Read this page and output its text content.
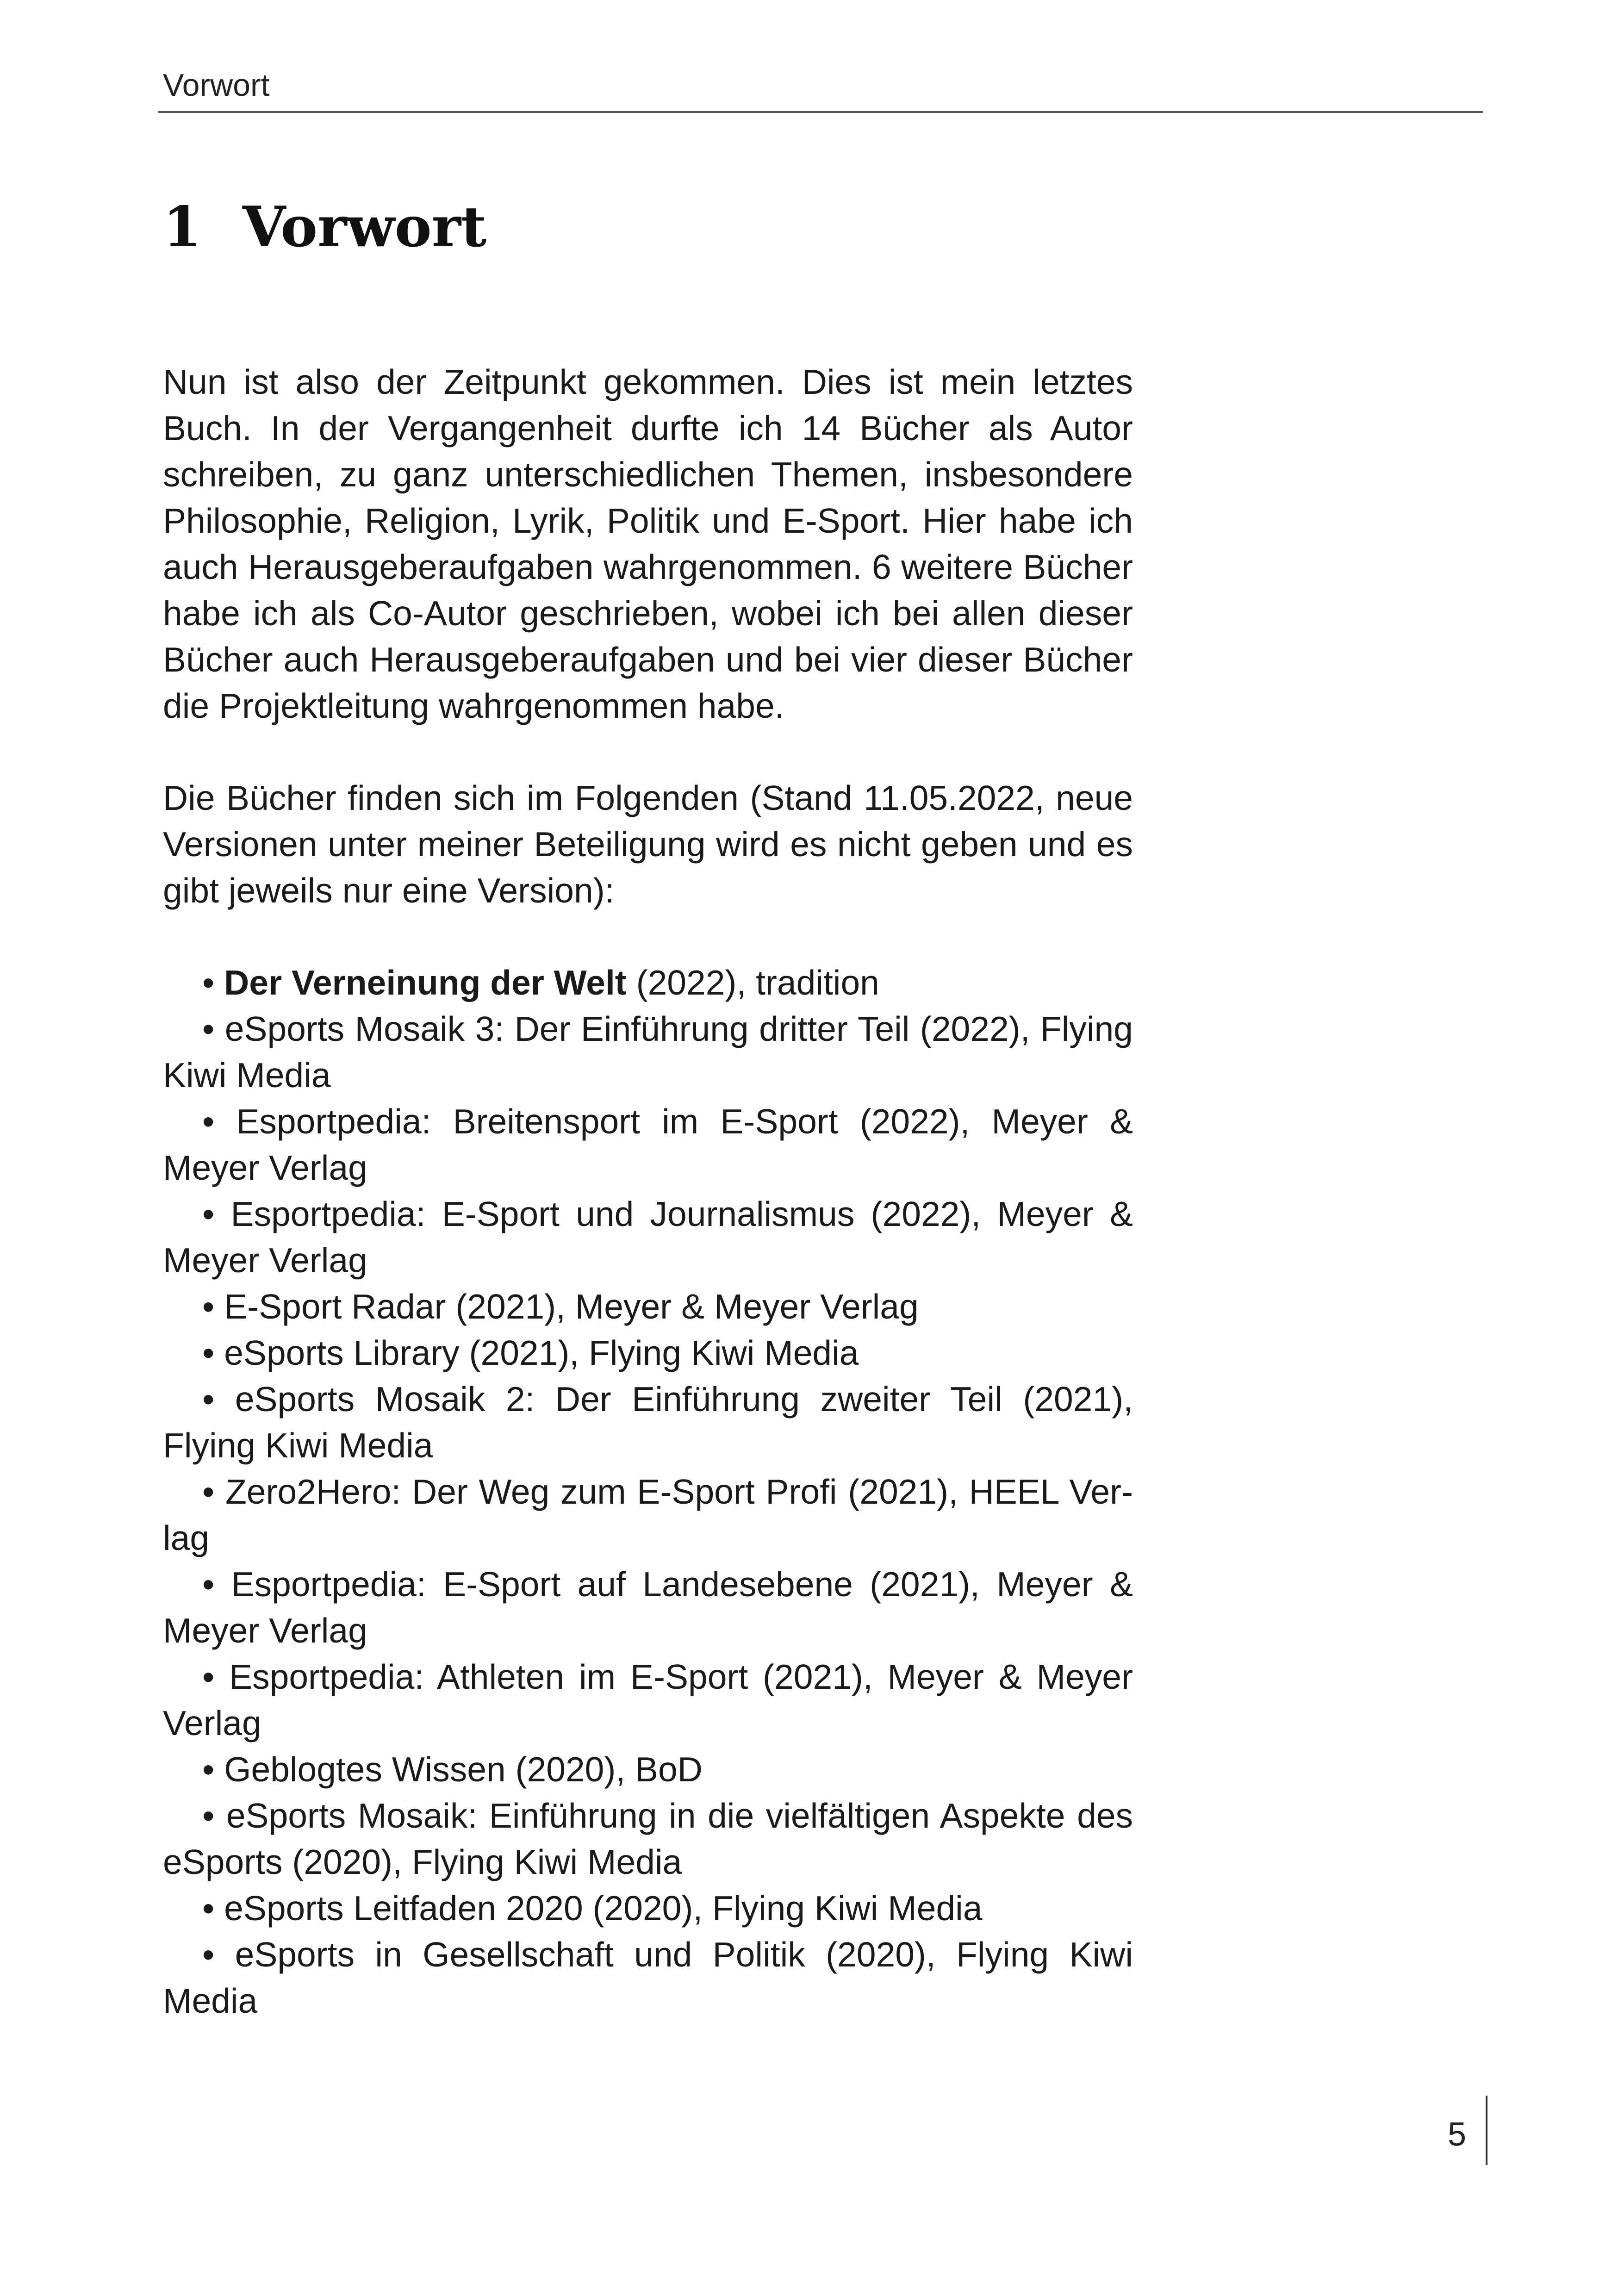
Vorwort
1 Vorwort

Nun ist also der Zeitpunkt gekommen. Dies ist mein letztes Buch. In der Vergangenheit durfte ich 14 Bücher als Autor schreiben, zu ganz unterschiedlichen Themen, insbesondere Philosophie, Religion, Lyrik, Politik und E-Sport. Hier habe ich auch Herausgeberaufgaben wahrgenommen. 6 weitere Bücher habe ich als Co-Autor geschrieben, wobei ich bei allen dieser Bücher auch Herausgeberaufgaben und bei vier dieser Bücher die Projektleitung wahrgenommen habe.

Die Bücher finden sich im Folgenden (Stand 11.05.2022, neue Versionen unter meiner Beteiligung wird es nicht geben und es gibt jeweils nur eine Version):

• Der Verneinung der Welt (2022), tradition
• eSports Mosaik 3: Der Einführung dritter Teil (2022), Flying Kiwi Media
• Esportpedia: Breitensport im E-Sport (2022), Meyer & Meyer Verlag
• Esportpedia: E-Sport und Journalismus (2022), Meyer & Meyer Verlag
• E-Sport Radar (2021), Meyer & Meyer Verlag
• eSports Library (2021), Flying Kiwi Media
• eSports Mosaik 2: Der Einführung zweiter Teil (2021), Flying Kiwi Media
• Zero2Hero: Der Weg zum E-Sport Profi (2021), HEEL Verlag
• Esportpedia: E-Sport auf Landesebene (2021), Meyer & Meyer Verlag
• Esportpedia: Athleten im E-Sport (2021), Meyer & Meyer Verlag
• Geblogtes Wissen (2020), BoD
• eSports Mosaik: Einführung in die vielfältigen Aspekte des eSports (2020), Flying Kiwi Media
• eSports Leitfaden 2020 (2020), Flying Kiwi Media
• eSports in Gesellschaft und Politik (2020), Flying Kiwi Media
5
